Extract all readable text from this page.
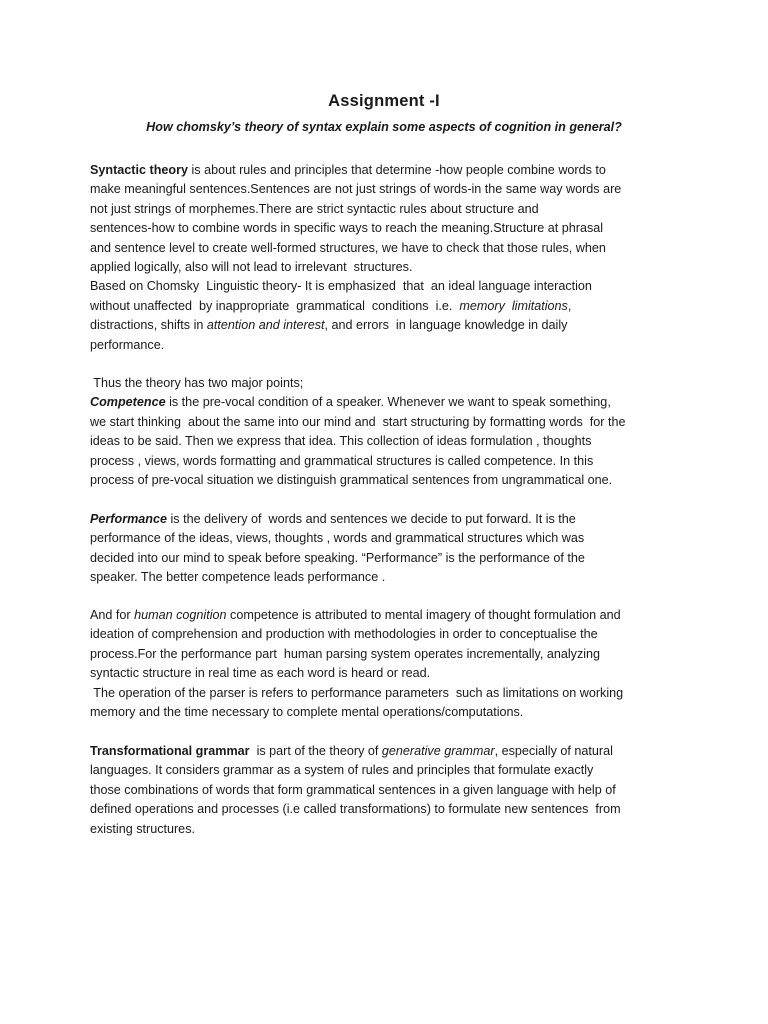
Assignment -I
How chomsky’s theory of syntax explain some aspects of cognition in general?
Syntactic theory is about rules and principles that determine -how people combine words to
make meaningful sentences.Sentences are not just strings of words-in the same way words are
not just strings of morphemes.There are strict syntactic rules about structure and
sentences-how to combine words in specific ways to reach the meaning.Structure at phrasal
and sentence level to create well-formed structures, we have to check that those rules, when
applied logically, also will not lead to irrelevant  structures.
Based on Chomsky  Linguistic theory- It is emphasized  that  an ideal language interaction
without unaffected  by inappropriate  grammatical  conditions  i.e.  memory  limitations,
distractions, shifts in attention and interest, and errors  in language knowledge in daily
performance.
Thus the theory has two major points;
Competence is the pre-vocal condition of a speaker. Whenever we want to speak something,
we start thinking  about the same into our mind and  start structuring by formatting words  for the
ideas to be said. Then we express that idea. This collection of ideas formulation , thoughts
process , views, words formatting and grammatical structures is called competence. In this
process of pre-vocal situation we distinguish grammatical sentences from ungrammatical one.
Performance is the delivery of  words and sentences we decide to put forward. It is the
performance of the ideas, views, thoughts , words and grammatical structures which was
decided into our mind to speak before speaking. “Performance” is the performance of the
speaker. The better competence leads performance .
And for human cognition competence is attributed to mental imagery of thought formulation and
ideation of comprehension and production with methodologies in order to conceptualise the
process.For the performance part  human parsing system operates incrementally, analyzing
syntactic structure in real time as each word is heard or read.
The operation of the parser is refers to performance parameters  such as limitations on working
memory and the time necessary to complete mental operations/computations.
Transformational grammar  is part of the theory of generative grammar, especially of natural
languages. It considers grammar as a system of rules and principles that formulate exactly
those combinations of words that form grammatical sentences in a given language with help of
defined operations and processes (i.e called transformations) to formulate new sentences  from
existing structures.
